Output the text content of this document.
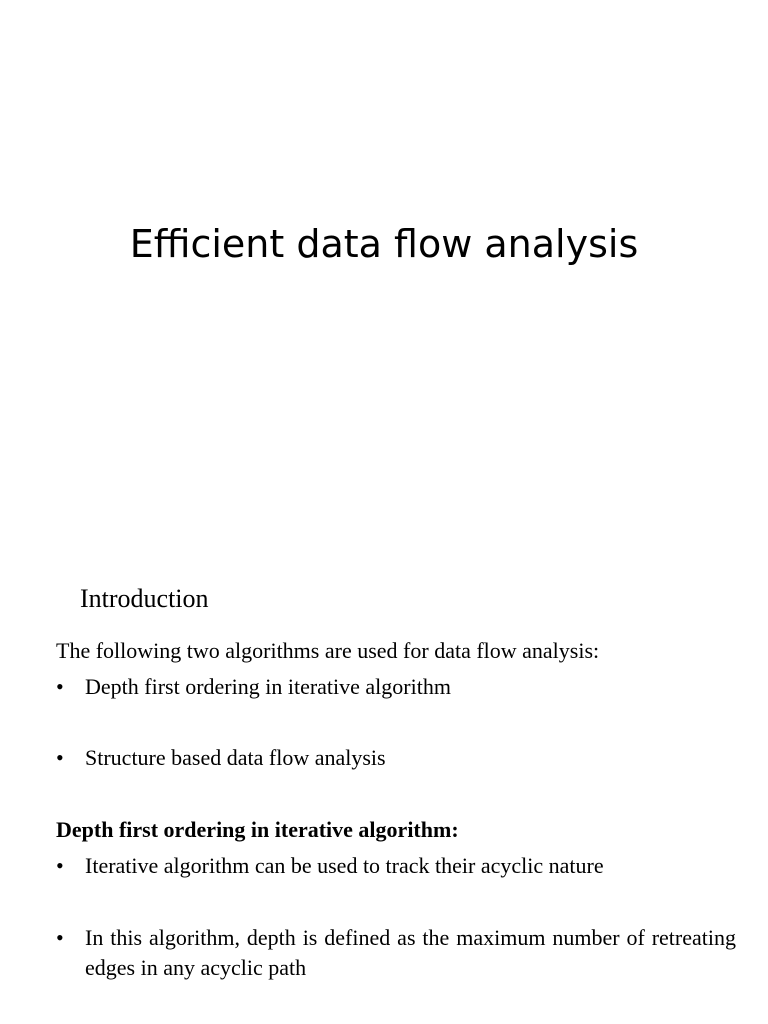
Efficient data flow analysis
Introduction

The following two algorithms are used for data flow analysis:

• Depth first ordering in iterative algorithm
• Structure based data flow analysis

Depth first ordering in iterative algorithm:

• Iterative algorithm can be used to track their acyclic nature
• In this algorithm, depth is defined as the maximum number of retreating edges in any acyclic path
